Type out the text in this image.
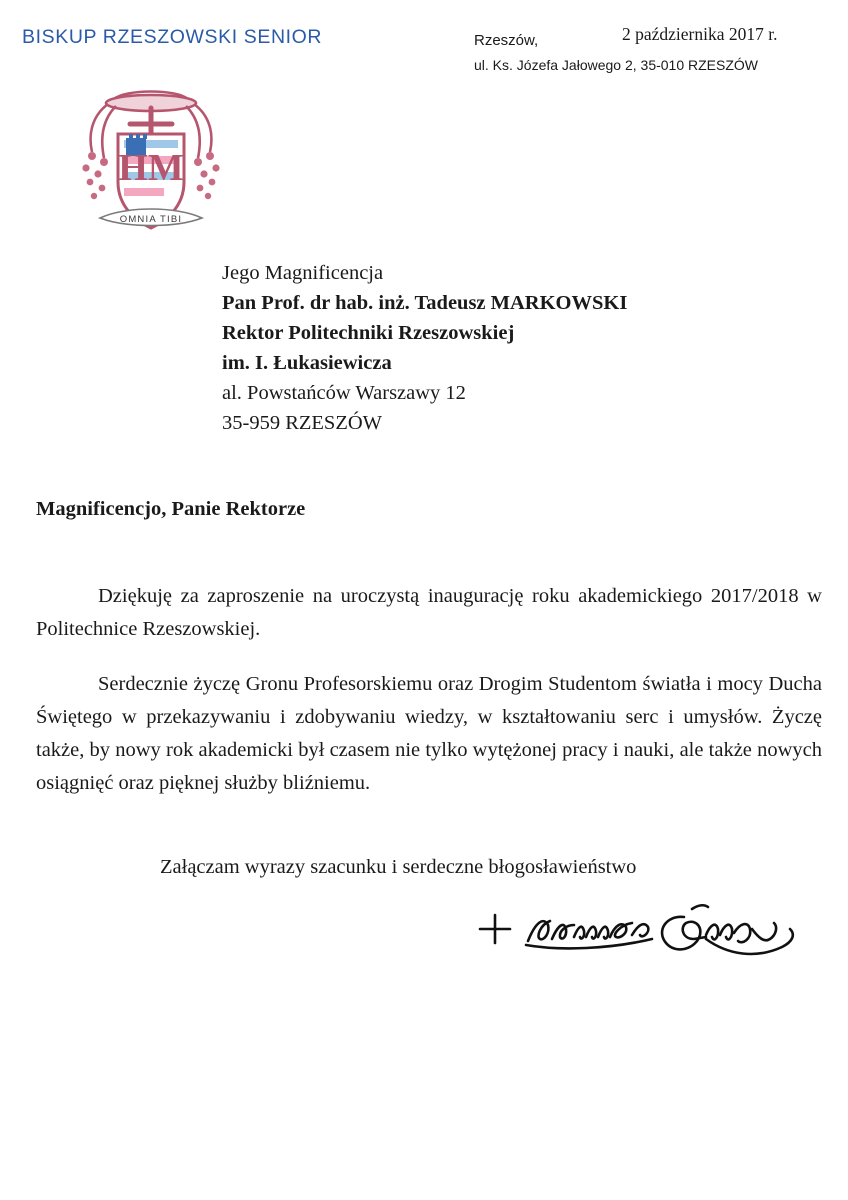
BISKUP RZESZOWSKI SENIOR	2 października 2017 r.
Rzeszów,
ul. Ks. Józefa Jałowego 2, 35-010 RZESZÓW
HM
OMNIA TIBI
Jego Magnificencja
Pan Prof. dr hab. inż. Tadeusz MARKOWSKI
Rektor Politechniki Rzeszowskiej
im. I. Łukasiewicza
al. Powstańców Warszawy 12
35-959 RZESZÓW
Magnificencjo, Panie Rektorze

Dziękuję za zaproszenie na uroczystą inaugurację roku akademickiego 2017/2018 w Politechnice Rzeszowskiej.

Serdecznie życzę Gronu Profesorskiemu oraz Drogim Studentom światła i mocy Ducha Świętego w przekazywaniu i zdobywaniu wiedzy, w kształtowaniu serc i umysłów. Życzę także, by nowy rok akademicki był czasem nie tylko wytężonej pracy i nauki, ale także nowych osiągnięć oraz pięknej służby bliźniemu.

Załączam wyrazy szacunku i serdeczne błogosławieństwo
